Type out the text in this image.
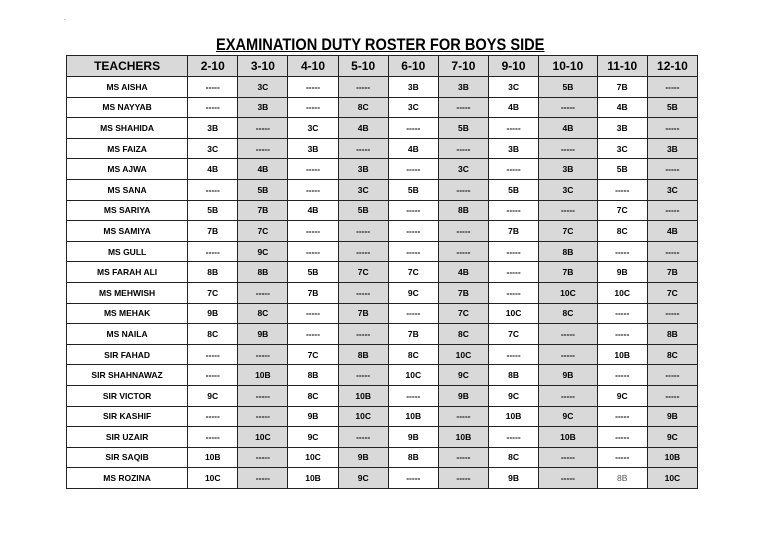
ˋ
EXAMINATION DUTY ROSTER FOR BOYS SIDE
TEACHERS	2-10	3-10	4-10	5-10	6-10	7-10	9-10	10-10	11-10	12-10
MS AISHA	-----	3C	-----	-----	3B	3B	3C	5B	7B	-----
MS NAYYAB	-----	3B	-----	8C	3C	-----	4B	-----	4B	5B
MS SHAHIDA	3B	-----	3C	4B	-----	5B	-----	4B	3B	-----
MS FAIZA	3C	-----	3B	-----	4B	-----	3B	-----	3C	3B
MS AJWA	4B	4B	-----	3B	-----	3C	-----	3B	5B	-----
MS SANA	-----	5B	-----	3C	5B	-----	5B	3C	-----	3C
MS SARIYA	5B	7B	4B	5B	-----	8B	-----	-----	7C	-----
MS SAMIYA	7B	7C	-----	-----	-----	-----	7B	7C	8C	4B
MS GULL	-----	9C	-----	-----	-----	-----	-----	8B	-----	-----
MS FARAH ALI	8B	8B	5B	7C	7C	4B	-----	7B	9B	7B
MS MEHWISH	7C	-----	7B	-----	9C	7B	-----	10C	10C	7C
MS MEHAK	9B	8C	-----	7B	-----	7C	10C	8C	-----	-----
MS NAILA	8C	9B	-----	-----	7B	8C	7C	-----	-----	8B
SIR FAHAD	-----	-----	7C	8B	8C	10C	-----	-----	10B	8C
SIR SHAHNAWAZ	-----	10B	8B	-----	10C	9C	8B	9B	-----	-----
SIR VICTOR	9C	-----	8C	10B	-----	9B	9C	-----	9C	-----
SIR KASHIF	-----	-----	9B	10C	10B	-----	10B	9C	-----	9B
SIR UZAIR	-----	10C	9C	-----	9B	10B	-----	10B	-----	9C
SIR SAQIB	10B	-----	10C	9B	8B	-----	8C	-----	-----	10B
MS ROZINA	10C	-----	10B	9C	-----	-----	9B	-----	8B	10C
